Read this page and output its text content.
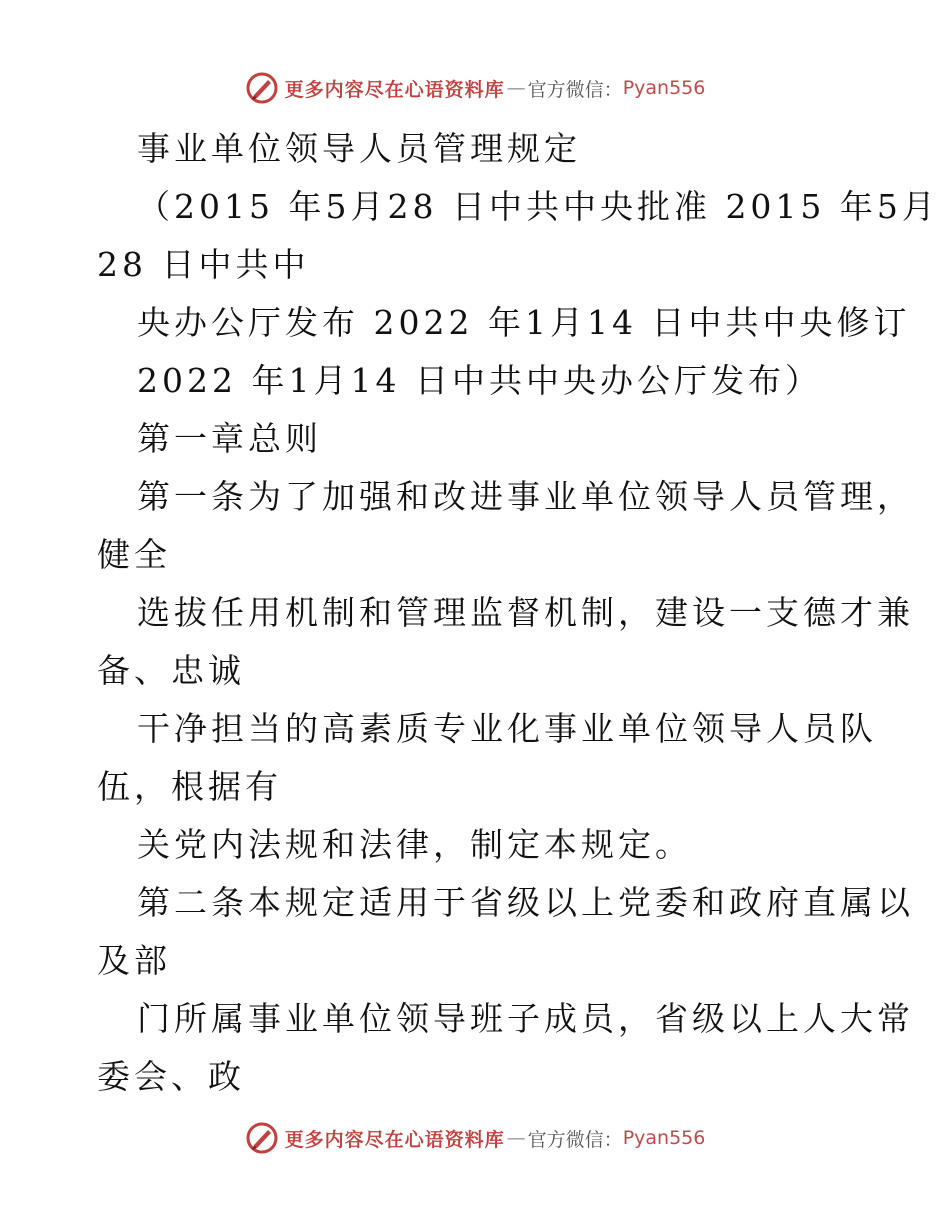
更多内容尽在心语资料库 — 官方微信： Pyan556
事业单位领导人员管理规定
（2015 年5月28 日中共中央批准 2015 年5月
28 日中共中
央办公厅发布 2022 年1月14 日中共中央修订
2022 年1月14 日中共中央办公厅发布）
第一章总则
第一条为了加强和改进事业单位领导人员管理，
健全
选拔任用机制和管理监督机制，建设一支德才兼
备、忠诚
干净担当的高素质专业化事业单位领导人员队
伍，根据有
关党内法规和法律，制定本规定。
第二条本规定适用于省级以上党委和政府直属以
及部
门所属事业单位领导班子成员，省级以上人大常
委会、政
更多内容尽在心语资料库 — 官方微信： Pyan556
